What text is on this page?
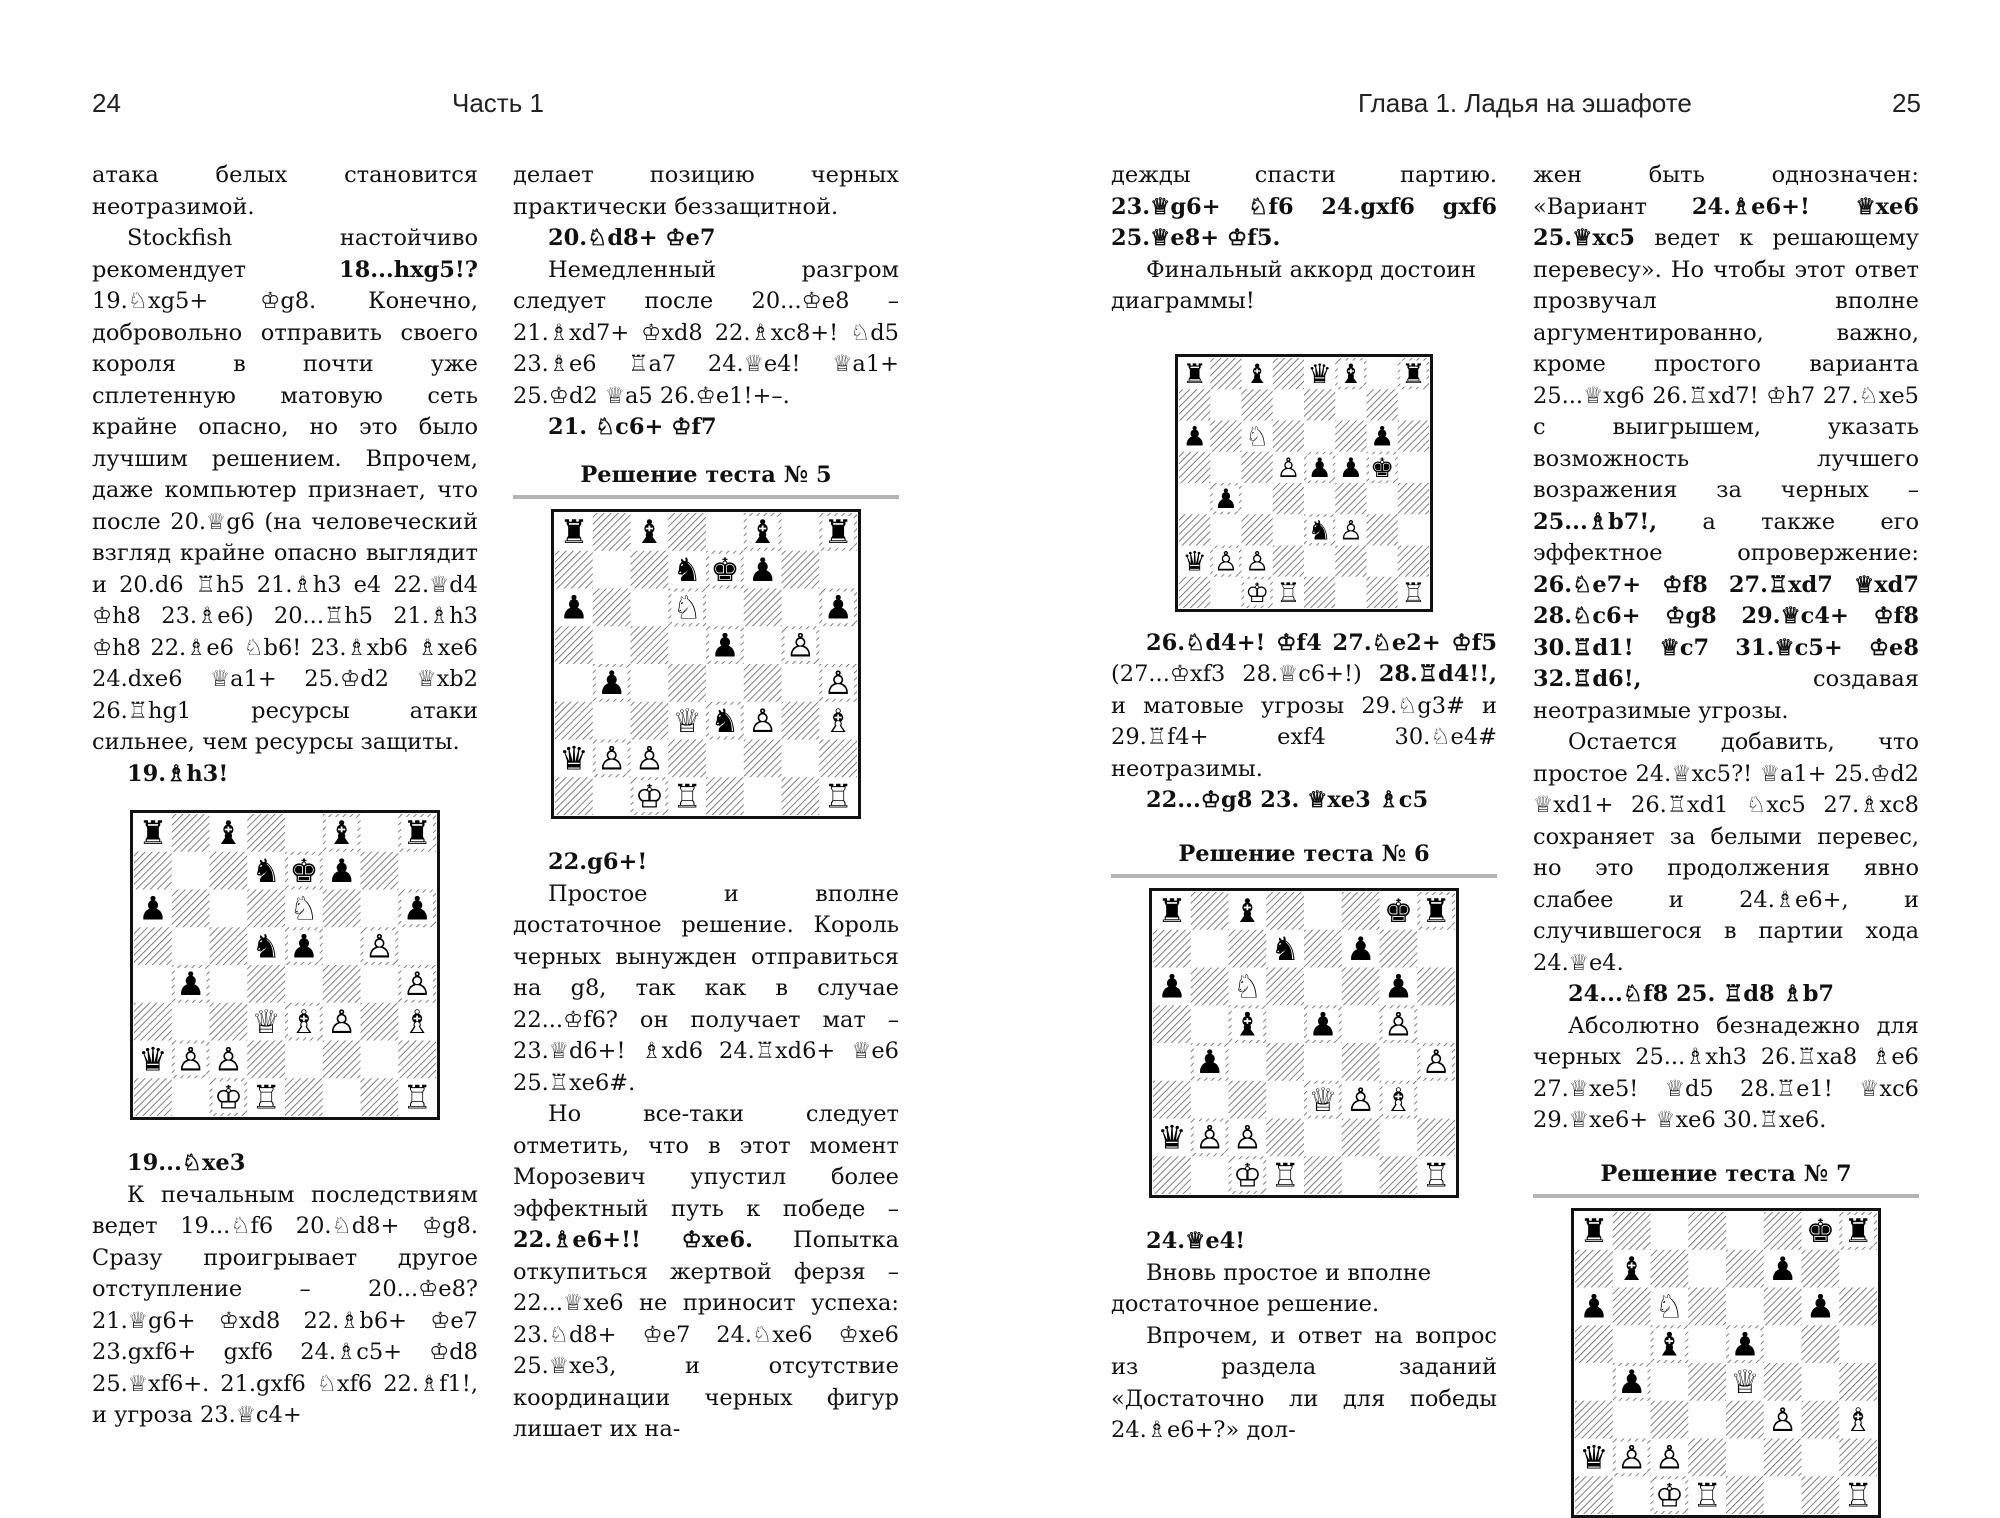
24	Часть 1	Глава 1. Ладья на эшафоте	25

атака белых становится неотразимой.

Stockfish настойчиво рекомендует 18...hxg5!? 19.♘xg5+ ♔g8. Конечно, добровольно отправить своего короля в почти уже сплетенную матовую сеть крайне опасно, но это было лучшим решением. Впрочем, даже компьютер признает, что после 20.♕g6 (на человеческий взгляд крайне опасно выглядит и 20.d6 ♖h5 21.♗h3 e4 22.♕d4 ♔h8 23.♗e6) 20...♖h5 21.♗h3 ♔h8 22.♗e6 ♘b6! 23.♗xb6 ♗xe6 24.dxe6 ♕a1+ 25.♔d2 ♕xb2 26.♖hg1 ресурсы атаки сильнее, чем ресурсы защиты.

19.♗h3!

♜ ♝	♝ ♜
♞ ♚ ♟
♟	♘	♟
♞ ♟ ♙
♟	♙
♕ ♗ ♙ ♗
♛ ♙ ♙
♔ ♖	♖

19...♘xe3

К печальным последствиям ведет 19...♘f6 20.♘d8+ ♔g8. Сразу проигрывает другое отступление – 20...♔e8? 21.♕g6+ ♔xd8 22.♗b6+ ♔e7 23.gxf6+ gxf6 24.♗c5+ ♔d8 25.♕xf6+. 21.gxf6 ♘xf6 22.♗f1!, и угроза 23.♕c4+

делает позицию черных практически беззащитной.

20.♘d8+ ♔e7

Немедленный разгром следует после 20...♔e8 – 21.♗xd7+ ♔xd8 22.♗xc8+! ♘d5 23.♗e6 ♖a7 24.♕e4! ♕a1+ 25.♔d2 ♕a5 26.♔e1!+–.

21. ♘c6+ ♔f7

Решение теста № 5
♜ ♝	♝ ♜
♞ ♚ ♟
♟	♘	♟
♟ ♙
♟	♙
♕ ♞ ♙ ♗
♛ ♙ ♙
♔ ♖	♖

22.g6+!

Простое и вполне достаточное решение. Король черных вынужден отправиться на g8, так как в случае 22...♔f6? он получает мат – 23.♕d6+! ♗xd6 24.♖xd6+ ♕e6 25.♖xe6#.

Но все-таки следует отметить, что в этот момент Морозевич упустил более эффектный путь к победе – 22.♗e6+!! ♔xe6. Попытка откупиться жертвой ферзя – 22...♕xe6 не приносит успеха: 23.♘d8+ ♔e7 24.♘xe6 ♔xe6 25.♕xe3, и отсутствие координации черных фигур лишает их на-

дежды спасти партию. 23.♕g6+ ♘f6 24.gxf6 gxf6 25.♕e8+ ♔f5.

Финальный аккорд достоин диаграммы!

♜ ♝ ♛ ♝ ♜
♟ ♘	♟
♙ ♟ ♟ ♚
♟
♞ ♙
♛ ♙ ♙
♔ ♖	♖

26.♘d4+! ♔f4 27.♘e2+ ♔f5 (27...♔xf3 28.♕c6+!) 28.♖d4!!, и матовые угрозы 29.♘g3# и 29.♖f4+ exf4 30.♘e4# неотразимы.

22...♔g8 23. ♕xe3 ♗c5

Решение теста № 6
♜ ♝	♚ ♜
♞ ♟
♟ ♘	♟
♝ ♟ ♙
♟	♙
♕ ♙ ♗
♛ ♙ ♙
♔ ♖	♖

24.♕e4!

Вновь простое и вполне достаточное решение.

Впрочем, и ответ на вопрос из раздела заданий «Достаточно ли для победы 24.♗e6+?» дол-

жен быть однозначен: «Вариант 24.♗e6+! ♕xe6 25.♕xc5 ведет к решающему перевесу». Но чтобы этот ответ прозвучал вполне аргументированно, важно, кроме простого варианта 25...♕xg6 26.♖xd7! ♔h7 27.♘xe5 с выигрышем, указать возможность лучшего возражения за черных – 25...♗b7!, а также его эффектное опровержение: 26.♘e7+ ♔f8 27.♖xd7 ♕xd7 28.♘c6+ ♔g8 29.♕c4+ ♔f8 30.♖d1! ♕c7 31.♕c5+ ♔e8 32.♖d6!, создавая неотразимые угрозы.

Остается добавить, что простое 24.♕xc5?! ♕a1+ 25.♔d2 ♕xd1+ 26.♖xd1 ♘xc5 27.♗xc8 сохраняет за белыми перевес, но это продолжения явно слабее и 24.♗e6+, и случившегося в партии хода 24.♕e4.

24...♘f8 25. ♖d8 ♗b7

Абсолютно безнадежно для черных 25...♗xh3 26.♖xa8 ♗e6 27.♕xe5! ♕d5 28.♖e1! ♕xc6 29.♕xe6+ ♕xe6 30.♖xe6.

Решение теста № 7
♜	♚ ♜
♝	♟
♟ ♘	♟
♝ ♟
♟	♕
♙ ♗
♛ ♙ ♙
♔ ♖	♖
